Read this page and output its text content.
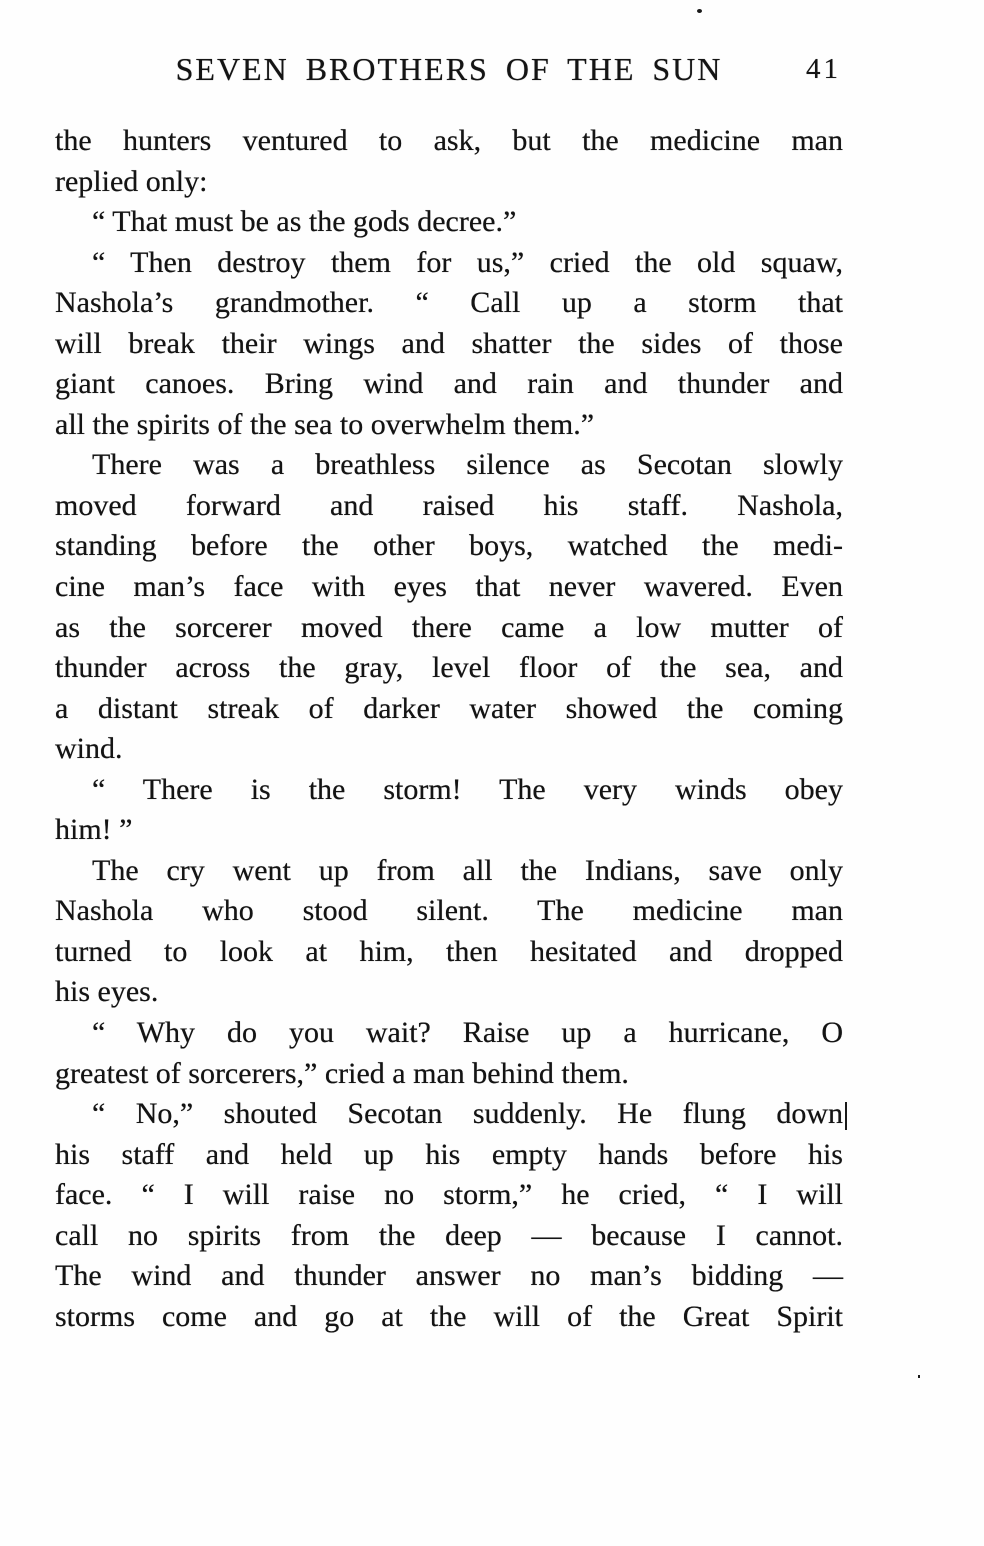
SEVEN BROTHERS OF THE SUN	41
the hunters ventured to ask, but the medicine man
replied only:
“ That must be as the gods decree.”
“ Then destroy them for us,” cried the old squaw,
Nashola’s grandmother. “ Call up a storm that
will break their wings and shatter the sides of those
giant canoes. Bring wind and rain and thunder and
all the spirits of the sea to overwhelm them.”
There was a breathless silence as Secotan slowly
moved forward and raised his staff. Nashola,
standing before the other boys, watched the medi-
cine man’s face with eyes that never wavered. Even
as the sorcerer moved there came a low mutter of
thunder across the gray, level floor of the sea, and
a distant streak of darker water showed the coming
wind.
“ There is the storm! The very winds obey
him! ”
The cry went up from all the Indians, save only
Nashola who stood silent. The medicine man
turned to look at him, then hesitated and dropped
his eyes.
“ Why do you wait? Raise up a hurricane, O
greatest of sorcerers,” cried a man behind them.
“ No,” shouted Secotan suddenly. He flung down
his staff and held up his empty hands before his
face. “ I will raise no storm,” he cried, “ I will
call no spirits from the deep — because I cannot.
The wind and thunder answer no man’s bidding —
storms come and go at the will of the Great Spirit
